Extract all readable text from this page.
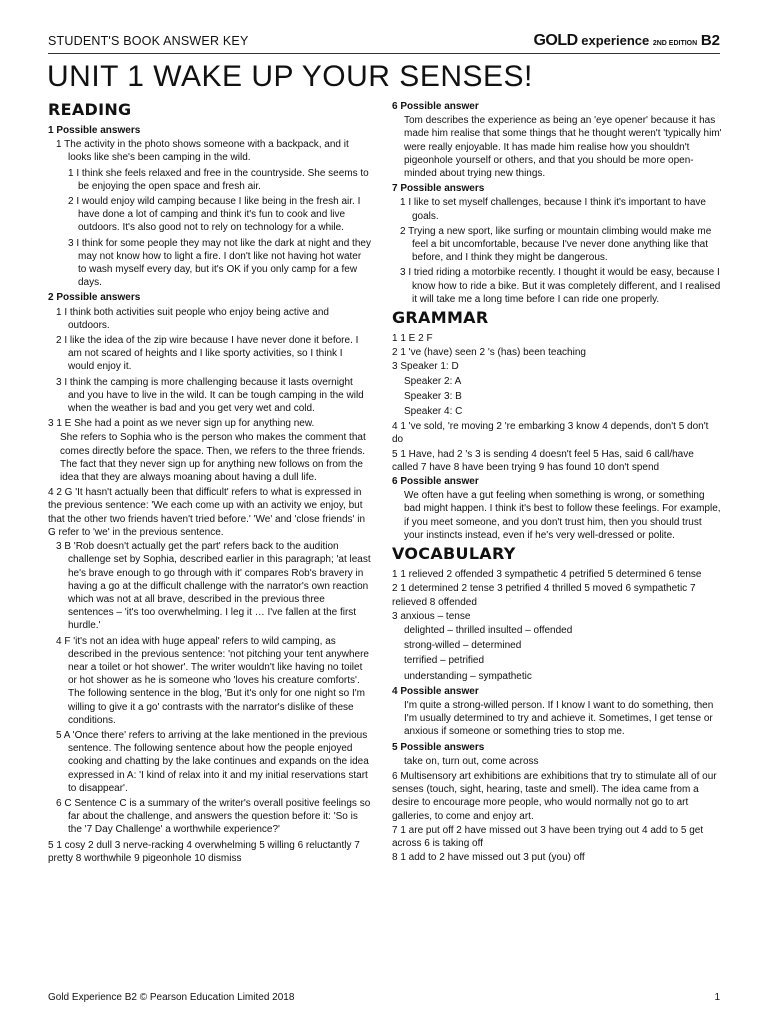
STUDENT'S BOOK ANSWER KEY	GOLD experience 2ND EDITION B2
UNIT 1 WAKE UP YOUR SENSES!
READING
1 Possible answers
1 The activity in the photo shows someone with a backpack, and it looks like she's been camping in the wild.
1 I think she feels relaxed and free in the countryside. She seems to be enjoying the open space and fresh air.
2 I would enjoy wild camping because I like being in the fresh air. I have done a lot of camping and think it's fun to cook and live outdoors. It's also good not to rely on technology for a while.
3 I think for some people they may not like the dark at night and they may not know how to light a fire. I don't like not having hot water to wash myself every day, but it's OK if you only camp for a few days.
2 Possible answers
1 I think both activities suit people who enjoy being active and outdoors.
2 I like the idea of the zip wire because I have never done it before. I am not scared of heights and I like sporty activities, so I think I would enjoy it.
3 I think the camping is more challenging because it lasts overnight and you have to live in the wild. It can be tough camping in the wild when the weather is bad and you get very wet and cold.
3 1 E She had a point as we never sign up for anything new.
She refers to Sophia who is the person who makes the comment that comes directly before the space. Then, we refers to the three friends. The fact that they never sign up for anything new follows on from the idea that they are always moaning about having a dull life.
4 2 G 'It hasn't actually been that difficult' refers to what is expressed in the previous sentence: 'We each come up with an activity we enjoy, but that the other two friends haven't tried before.' 'We' and 'close friends' in G refer to 'we' in the previous sentence.
3 B 'Rob doesn't actually get the part' refers back to the audition challenge set by Sophia, described earlier in this paragraph; 'at least he's brave enough to go through with it' compares Rob's bravery in having a go at the difficult challenge with the narrator's own reaction which was not at all brave, described in the previous three sentences – 'it's too overwhelming. I leg it … I've fallen at the first hurdle.'
4 F 'it's not an idea with huge appeal' refers to wild camping, as described in the previous sentence: 'not pitching your tent anywhere near a toilet or hot shower'. The writer wouldn't like having no toilet or hot shower as he is someone who 'loves his creature comforts'. The following sentence in the blog, 'But it's only for one night so I'm willing to give it a go' contrasts with the narrator's dislike of these conditions.
5 A 'Once there' refers to arriving at the lake mentioned in the previous sentence. The following sentence about how the people enjoyed cooking and chatting by the lake continues and expands on the idea expressed in A: 'I kind of relax into it and my initial reservations start to disappear'.
6 C Sentence C is a summary of the writer's overall positive feelings so far about the challenge, and answers the question before it: 'So is the '7 Day Challenge' a worthwhile experience?'
5 1 cosy 2 dull 3 nerve-racking 4 overwhelming 5 willing 6 reluctantly 7 pretty 8 worthwhile 9 pigeonhole 10 dismiss
6 Possible answer
Tom describes the experience as being an 'eye opener' because it has made him realise that some things that he thought weren't 'typically him' were really enjoyable. It has made him realise how you shouldn't pigeonhole yourself or others, and that you should be more open-minded about trying new things.
7 Possible answers
1 I like to set myself challenges, because I think it's important to have goals.
2 Trying a new sport, like surfing or mountain climbing would make me feel a bit uncomfortable, because I've never done anything like that before, and I think they might be dangerous.
3 I tried riding a motorbike recently. I thought it would be easy, because I know how to ride a bike. But it was completely different, and I realised it will take me a long time before I can ride one properly.
GRAMMAR
1 1 E 2 F
2 1 've (have) seen 2 's (has) been teaching
3 Speaker 1: D
Speaker 2: A
Speaker 3: B
Speaker 4: C
4 1 've sold, 're moving 2 're embarking 3 know 4 depends, don't 5 don't do
5 1 Have, had 2 's 3 is sending 4 doesn't feel 5 Has, said 6 call/have called 7 have 8 have been trying 9 has found 10 don't spend
6 Possible answer
We often have a gut feeling when something is wrong, or something bad might happen. I think it's best to follow these feelings. For example, if you meet someone, and you don't trust him, then you should trust your instincts instead, even if he's very well-dressed or polite.
VOCABULARY
1 1 relieved 2 offended 3 sympathetic 4 petrified 5 determined 6 tense
2 1 determined 2 tense 3 petrified 4 thrilled 5 moved 6 sympathetic 7 relieved 8 offended
3 anxious – tense
delighted – thrilled insulted – offended
strong-willed – determined
terrified – petrified
understanding – sympathetic
4 Possible answer
I'm quite a strong-willed person. If I know I want to do something, then I'm usually determined to try and achieve it. Sometimes, I get tense or anxious if someone or something tries to stop me.
5 Possible answers
take on, turn out, come across
6 Multisensory art exhibitions are exhibitions that try to stimulate all of our senses (touch, sight, hearing, taste and smell). The idea came from a desire to encourage more people, who would normally not go to art galleries, to come and enjoy art.
7 1 are put off 2 have missed out 3 have been trying out 4 add to 5 get across 6 is taking off
8 1 add to 2 have missed out 3 put (you) off
Gold Experience B2 © Pearson Education Limited 2018	1
